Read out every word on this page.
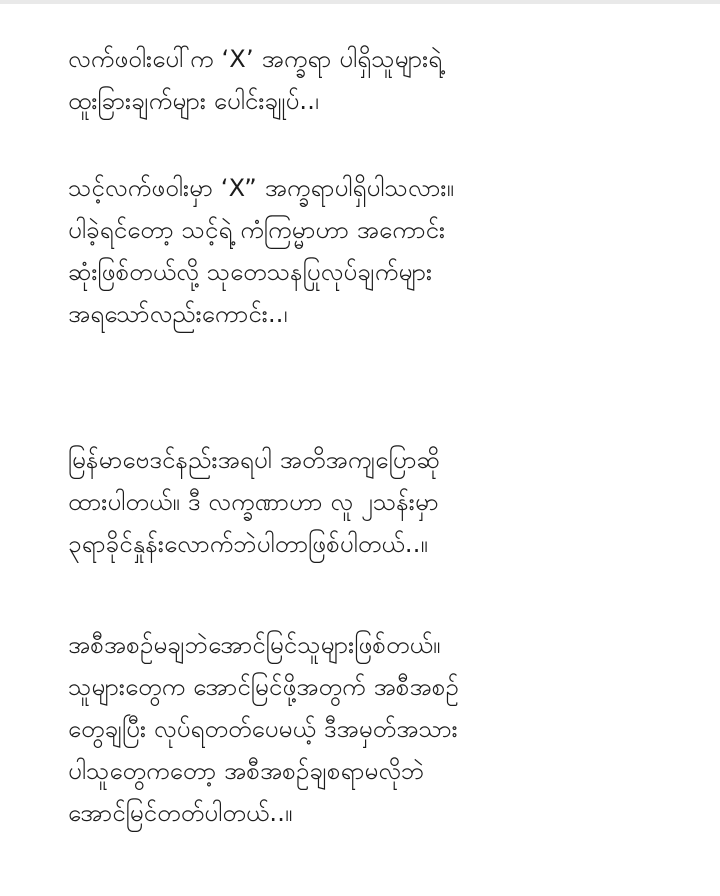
လက်ဖဝါးပေါ်က ‘X’ အက္ခရာ ပါရှိသူများရဲ့
ထူးခြားချက်များ ပေါင်းချုပ်..၊
သင့်လက်ဖဝါးမှာ ‘X” အက္ခရာပါရှိပါသလား။
ပါခဲ့ရင်တော့ သင့်ရဲ့ ကံကြမ္မာဟာ အကောင်း
ဆုံးဖြစ်တယ်လို့ သုတေသနပြုလုပ်ချက်များ
အရသော်လည်းကောင်း..၊
မြန်မာဗေဒင်နည်းအရပါ အတိအကျပြောဆို
ထားပါတယ်။ ဒီ လက္ခဏာဟာ လူ ၂သန်းမှာ
၃ရာခိုင်နှုန်းလောက်ဘဲပါတာဖြစ်ပါတယ်..။
အစီအစဉ်မချဘဲအောင်မြင်သူများဖြစ်တယ်။
သူများတွေက အောင်မြင်ဖို့အတွက် အစီအစဉ်
တွေချပြီး လုပ်ရတတ်ပေမယ့် ဒီအမှတ်အသား
ပါသူတွေကတော့ အစီအစဉ်ချစရာမလိုဘဲ
အောင်မြင်တတ်ပါတယ်..။
